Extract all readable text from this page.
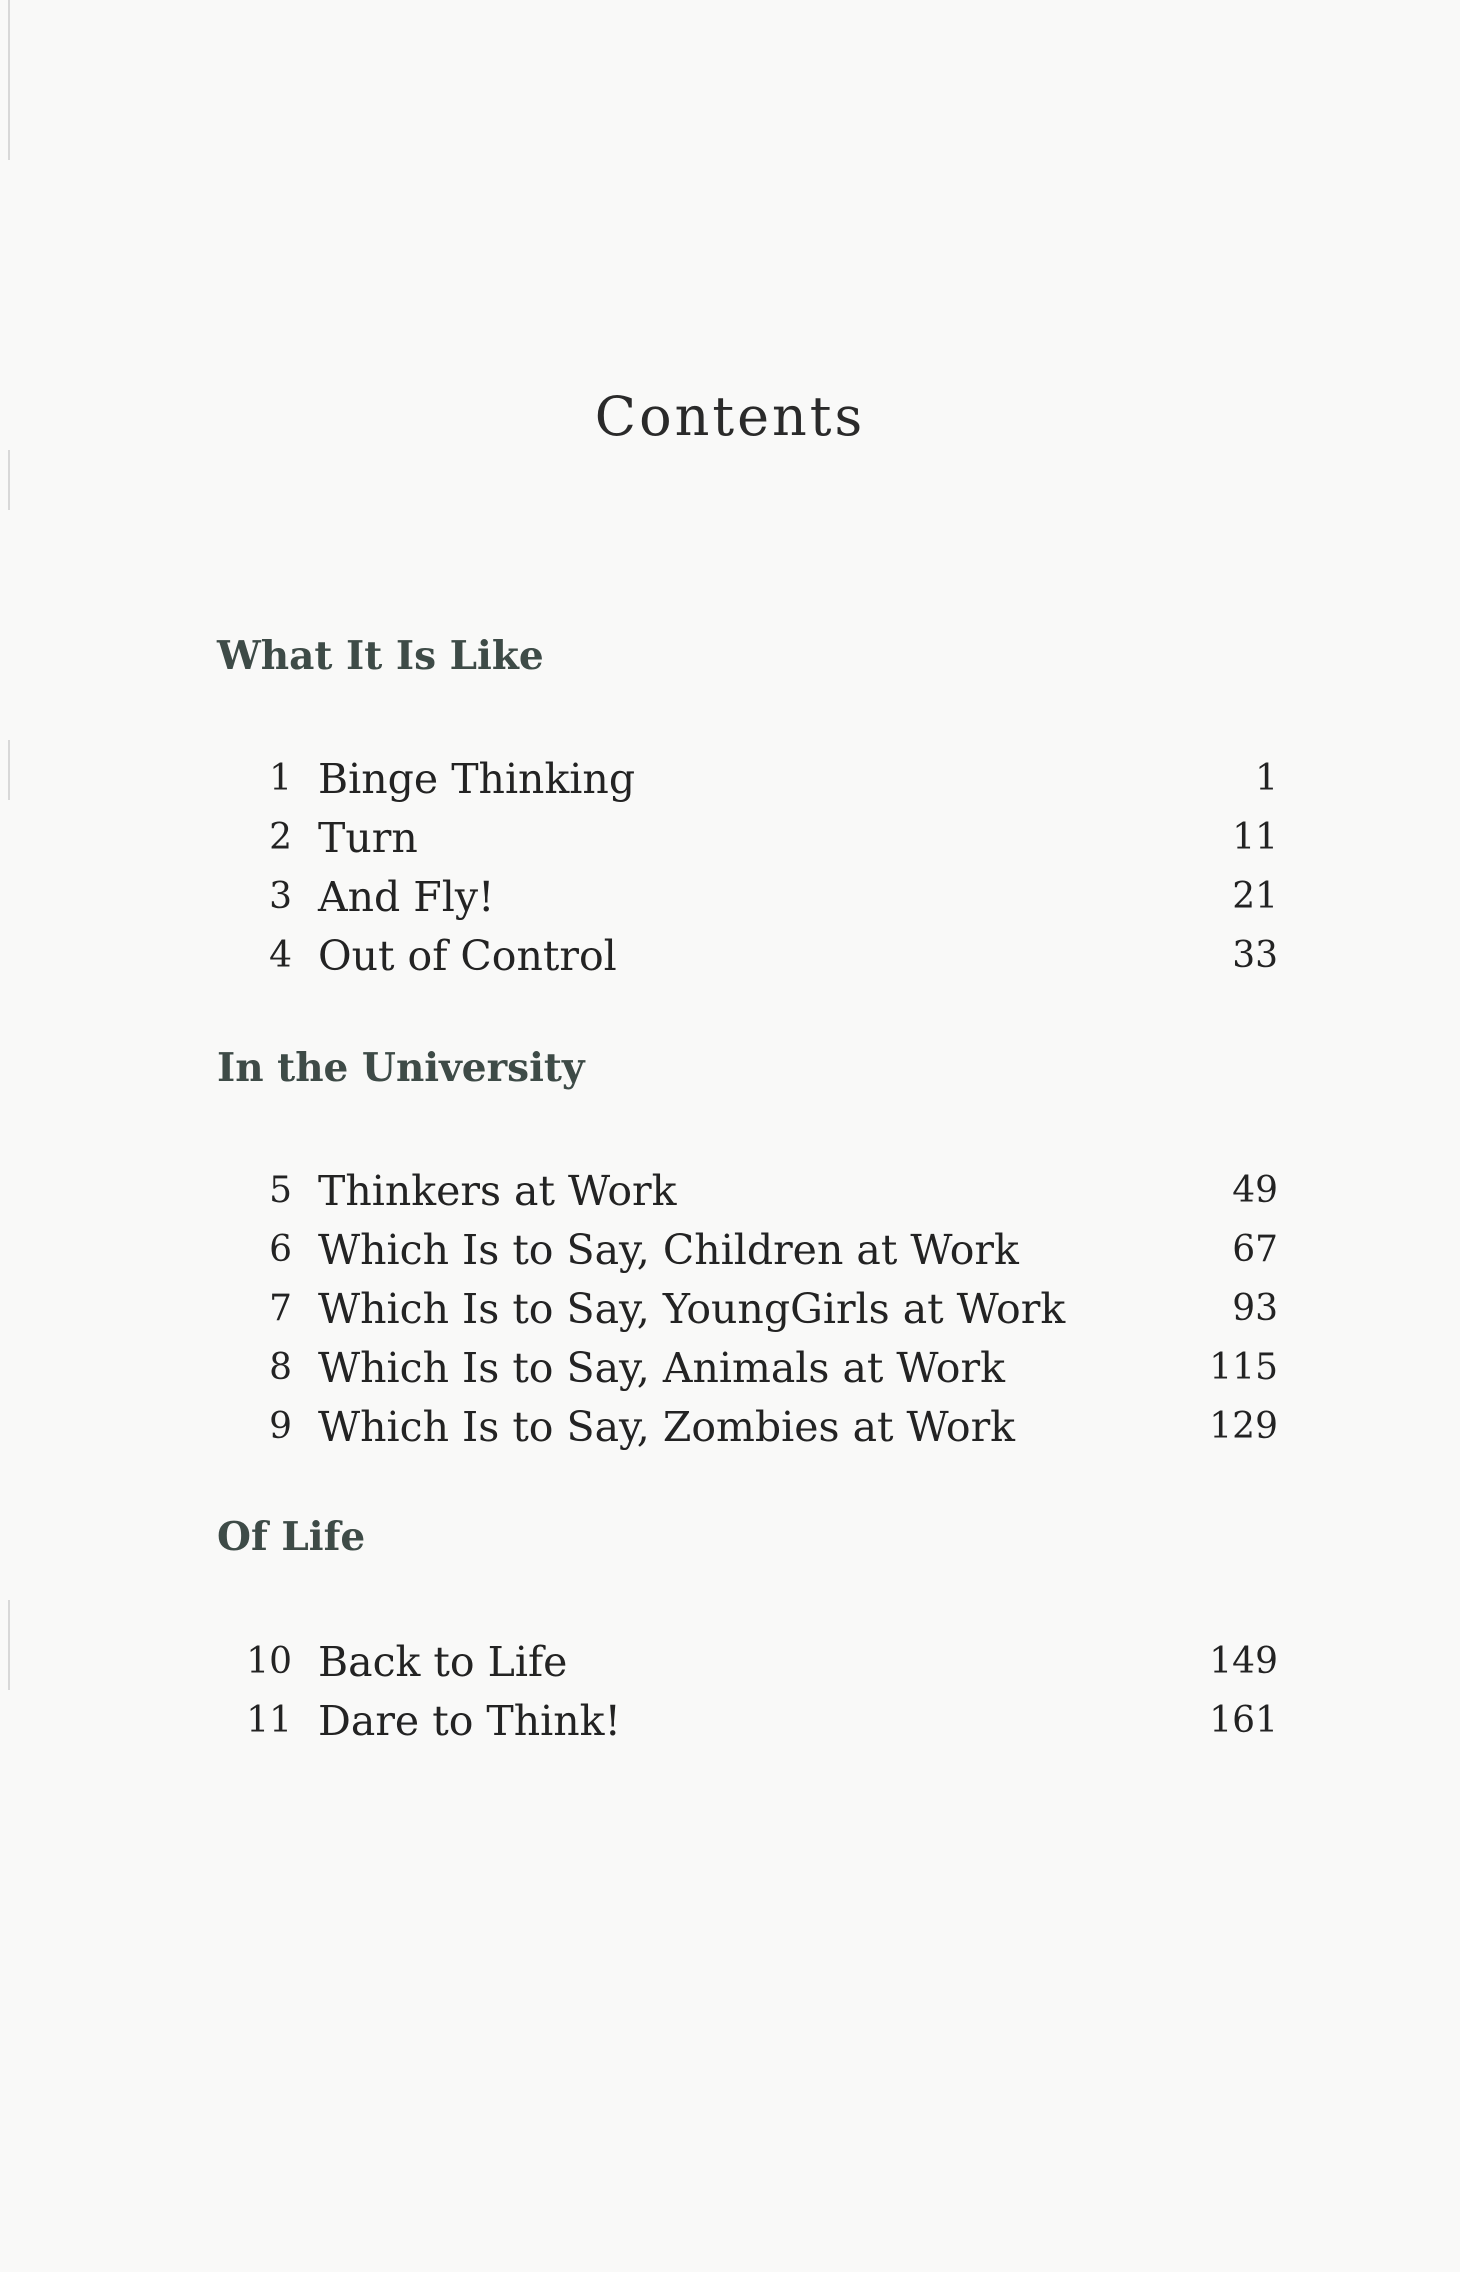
Contents
What It Is Like
1 Binge Thinking	1
2 Turn	11
3 And Fly!	21
4 Out of Control	33
In the University
5 Thinkers at Work	49
6 Which Is to Say, Children at Work	67
7 Which Is to Say, YoungGirls at Work	93
8 Which Is to Say, Animals at Work	115
9 Which Is to Say, Zombies at Work	129
Of Life
10 Back to Life	149
11 Dare to Think!	161
